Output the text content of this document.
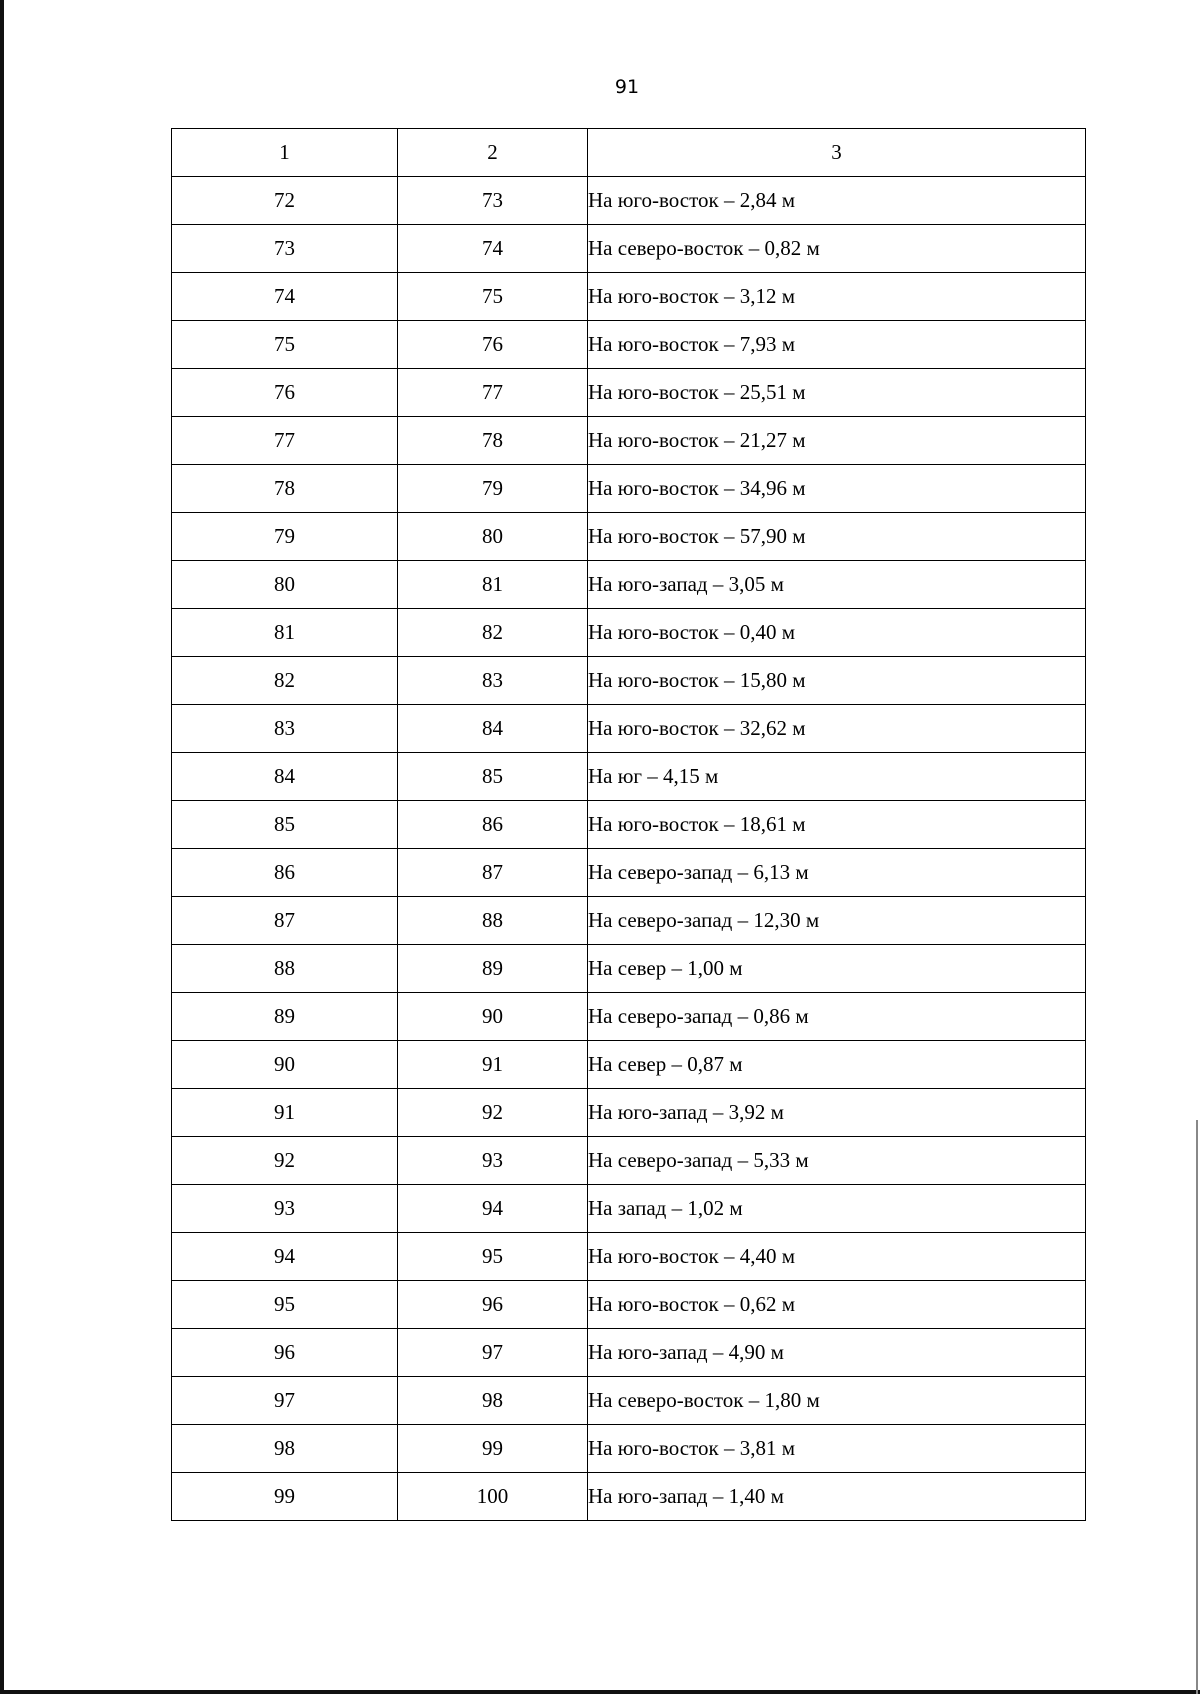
91
1	2	3
72	73	На юго-восток – 2,84 м
73	74	На северо-восток – 0,82 м
74	75	На юго-восток – 3,12 м
75	76	На юго-восток – 7,93 м
76	77	На юго-восток – 25,51 м
77	78	На юго-восток – 21,27 м
78	79	На юго-восток – 34,96 м
79	80	На юго-восток – 57,90 м
80	81	На юго-запад – 3,05 м
81	82	На юго-восток – 0,40 м
82	83	На юго-восток – 15,80 м
83	84	На юго-восток – 32,62 м
84	85	На юг – 4,15 м
85	86	На юго-восток – 18,61 м
86	87	На северо-запад – 6,13 м
87	88	На северо-запад – 12,30 м
88	89	На север – 1,00 м
89	90	На северо-запад – 0,86 м
90	91	На север – 0,87 м
91	92	На юго-запад – 3,92 м
92	93	На северо-запад – 5,33 м
93	94	На запад – 1,02 м
94	95	На юго-восток – 4,40 м
95	96	На юго-восток – 0,62 м
96	97	На юго-запад – 4,90 м
97	98	На северо-восток – 1,80 м
98	99	На юго-восток – 3,81 м
99	100	На юго-запад – 1,40 м
